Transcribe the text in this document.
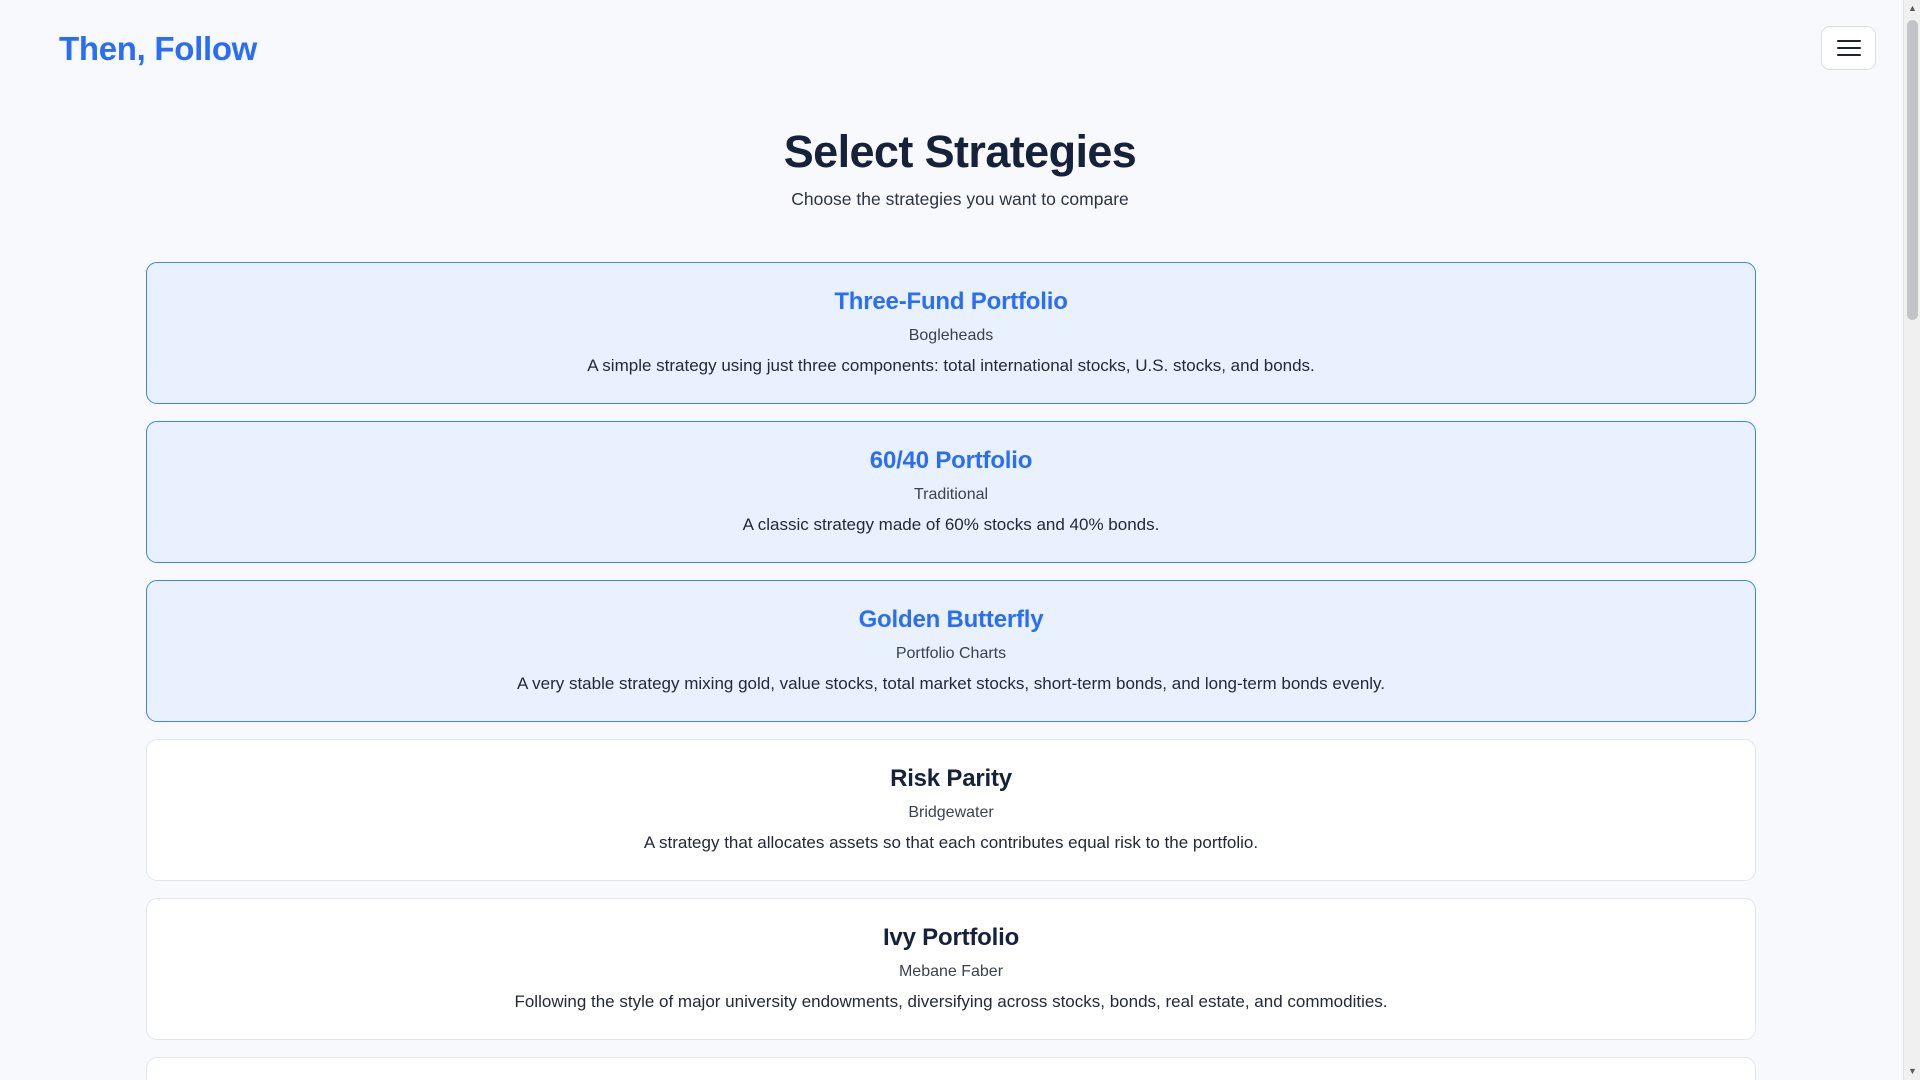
Then, Follow
Select Strategies
Choose the strategies you want to compare
Three-Fund Portfolio
Bogleheads
A simple strategy using just three components: total international stocks, U.S. stocks, and bonds.
60/40 Portfolio
Traditional
A classic strategy made of 60% stocks and 40% bonds.
Golden Butterfly
Portfolio Charts
A very stable strategy mixing gold, value stocks, total market stocks, short-term bonds, and long-term bonds evenly.
Risk Parity
Bridgewater
A strategy that allocates assets so that each contributes equal risk to the portfolio.
Ivy Portfolio
Mebane Faber
Following the style of major university endowments, diversifying across stocks, bonds, real estate, and commodities.
▲
▼
